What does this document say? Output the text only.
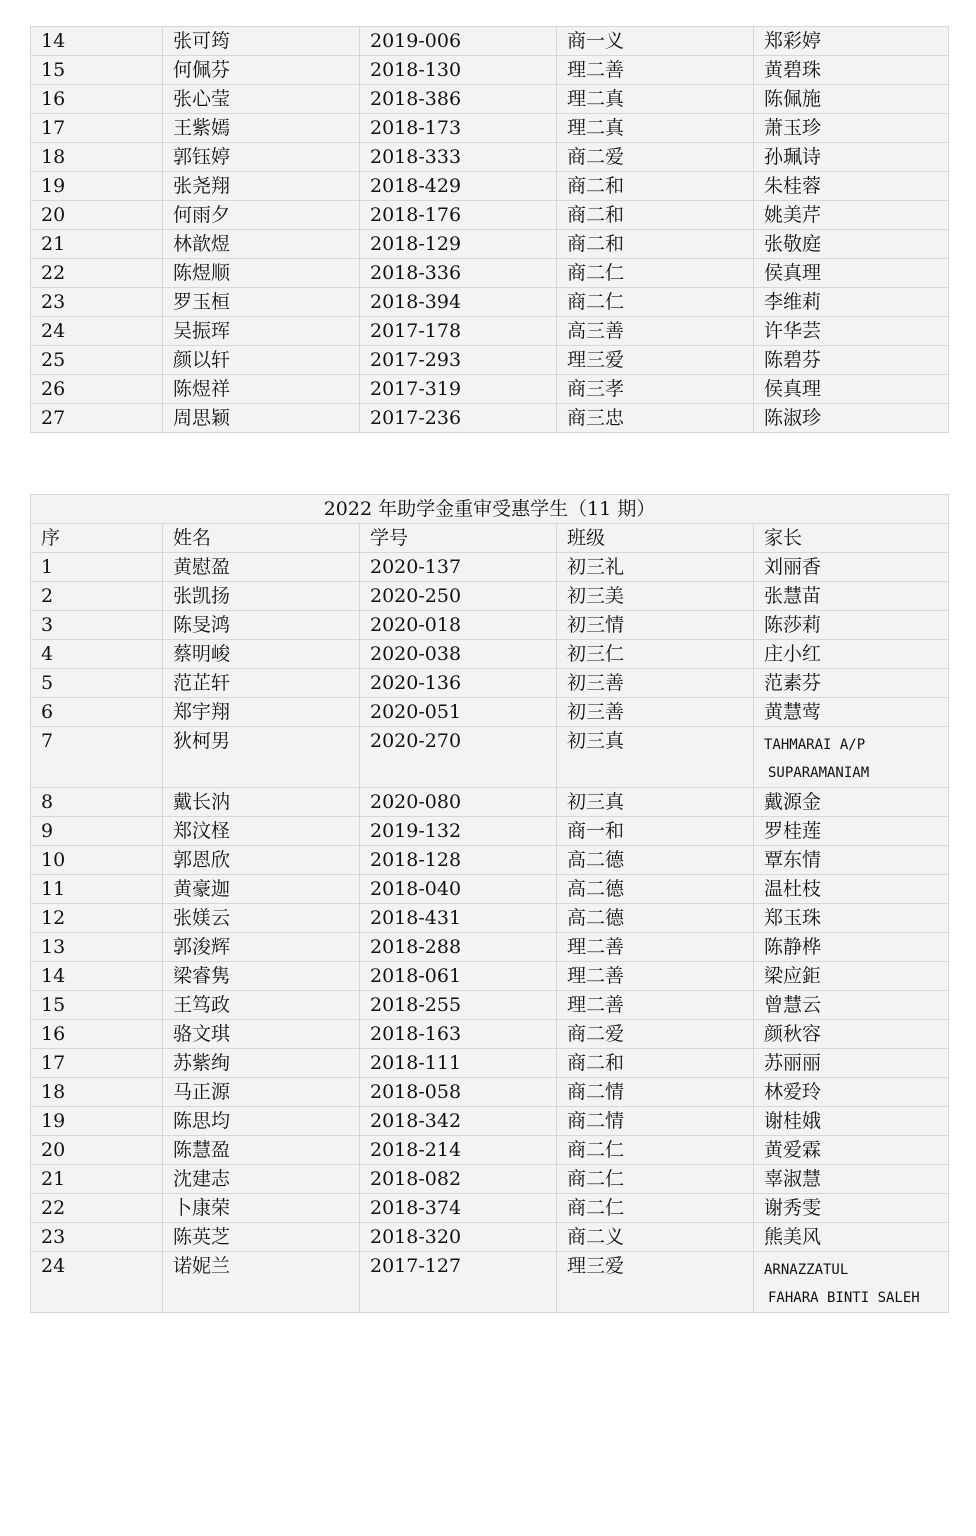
14	张可筠	2019-006	商一义	郑彩婷
15	何佩芬	2018-130	理二善	黄碧珠
16	张心莹	2018-386	理二真	陈佩施
17	王紫嫣	2018-173	理二真	萧玉珍
18	郭钰婷	2018-333	商二爱	孙珮诗
19	张尧翔	2018-429	商二和	朱桂蓉
20	何雨夕	2018-176	商二和	姚美芹
21	林歆煜	2018-129	商二和	张敬庭
22	陈煜顺	2018-336	商二仁	侯真理
23	罗玉桓	2018-394	商二仁	李维莉
24	吴振珲	2017-178	高三善	许华芸
25	颜以轩	2017-293	理三爱	陈碧芬
26	陈煜祥	2017-319	商三孝	侯真理
27	周思颖	2017-236	商三忠	陈淑珍
2022 年助学金重审受惠学生（11 期）				
序	姓名	学号	班级	家长
1	黄慰盈	2020-137	初三礼	刘丽香
2	张凯扬	2020-250	初三美	张慧苗
3	陈旻鸿	2020-018	初三情	陈莎莉
4	蔡明峻	2020-038	初三仁	庄小红
5	范芷轩	2020-136	初三善	范素芬
6	郑宇翔	2020-051	初三善	黄慧莺
7	狄柯男	2020-270	初三真	TAHMARAI A/P
SUPARAMANIAM

8	戴长汭	2020-080	初三真	戴源金
9	郑汶柽	2019-132	商一和	罗桂莲
10	郭恩欣	2018-128	高二德	覃东情
11	黄豪迦	2018-040	高二德	温杜枝
12	张媄云	2018-431	高二德	郑玉珠
13	郭浚辉	2018-288	理二善	陈静桦
14	梁睿隽	2018-061	理二善	梁应鉅
15	王笃政	2018-255	理二善	曾慧云
16	骆文琪	2018-163	商二爱	颜秋容
17	苏紫绚	2018-111	商二和	苏丽丽
18	马正源	2018-058	商二情	林爱玲
19	陈思均	2018-342	商二情	谢桂娥
20	陈慧盈	2018-214	商二仁	黄爱霖
21	沈建志	2018-082	商二仁	辜淑慧
22	卜康荣	2018-374	商二仁	谢秀雯
23	陈英芝	2018-320	商二义	熊美风
24	诺妮兰	2017-127	理三爱	ARNAZZATUL
FAHARA BINTI SALEH
